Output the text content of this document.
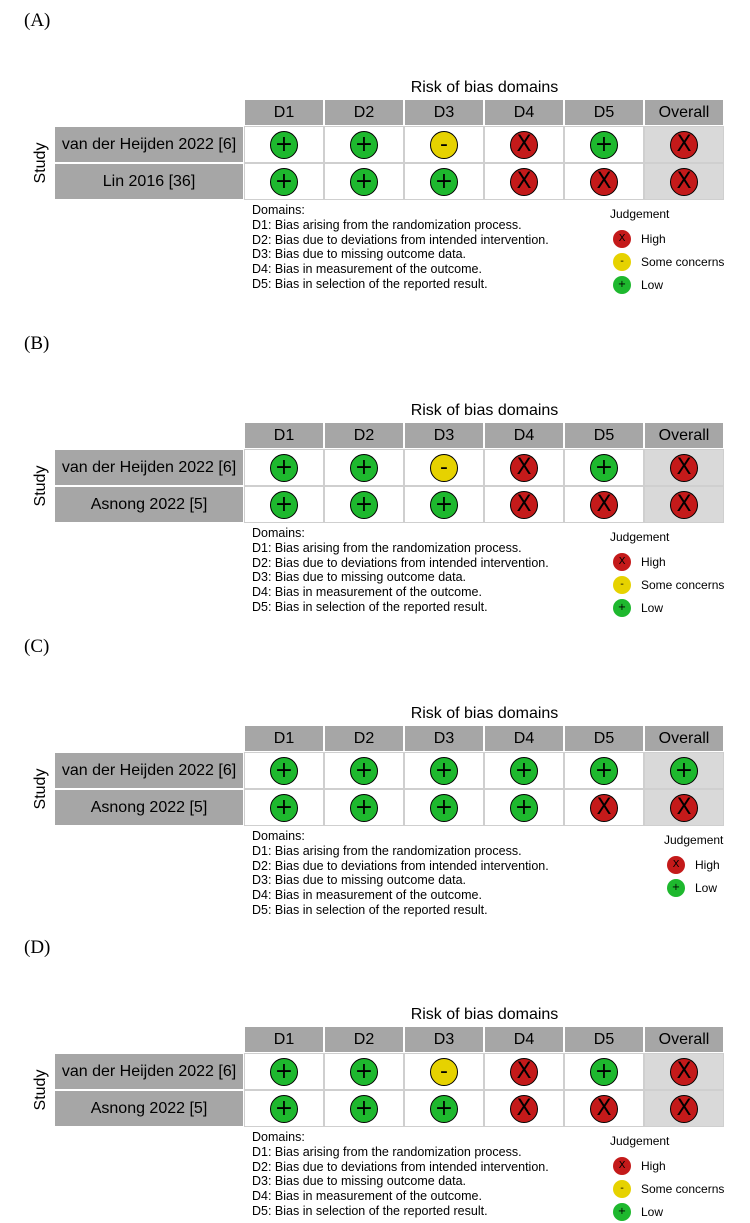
(A)
Risk of bias domains
D1	D2	D3	D4	D5	Overall
Study van der Heijden 2022 [6]	+	+	-	X	+	X
Lin 2016 [36]	+	+	+	X	X	X
Domains:
D1: Bias arising from the randomization process.
D2: Bias due to deviations from intended intervention.
D3: Bias due to missing outcome data.
D4: Bias in measurement of the outcome.
D5: Bias in selection of the reported result.
Judgement
X High
- Some concerns
+ Low
(B)
Risk of bias domains
D1	D2	D3	D4	D5	Overall
Study van der Heijden 2022 [6]	+	+	-	X	+	X
Asnong 2022 [5]	+	+	+	X	X	X
Domains:
D1: Bias arising from the randomization process.
D2: Bias due to deviations from intended intervention.
D3: Bias due to missing outcome data.
D4: Bias in measurement of the outcome.
D5: Bias in selection of the reported result.
Judgement
X High
- Some concerns
+ Low
(C)
Risk of bias domains
D1	D2	D3	D4	D5	Overall
Study van der Heijden 2022 [6]	+	+	+	+	+	+
Asnong 2022 [5]	+	+	+	+	X	X
Domains:
D1: Bias arising from the randomization process.
D2: Bias due to deviations from intended intervention.
D3: Bias due to missing outcome data.
D4: Bias in measurement of the outcome.
D5: Bias in selection of the reported result.
Judgement
X High
+ Low
(D)
Risk of bias domains
D1	D2	D3	D4	D5	Overall
Study van der Heijden 2022 [6]	+	+	-	X	+	X
Asnong 2022 [5]	+	+	+	X	X	X
Domains:
D1: Bias arising from the randomization process.
D2: Bias due to deviations from intended intervention.
D3: Bias due to missing outcome data.
D4: Bias in measurement of the outcome.
D5: Bias in selection of the reported result.
Judgement
X High
- Some concerns
+ Low
